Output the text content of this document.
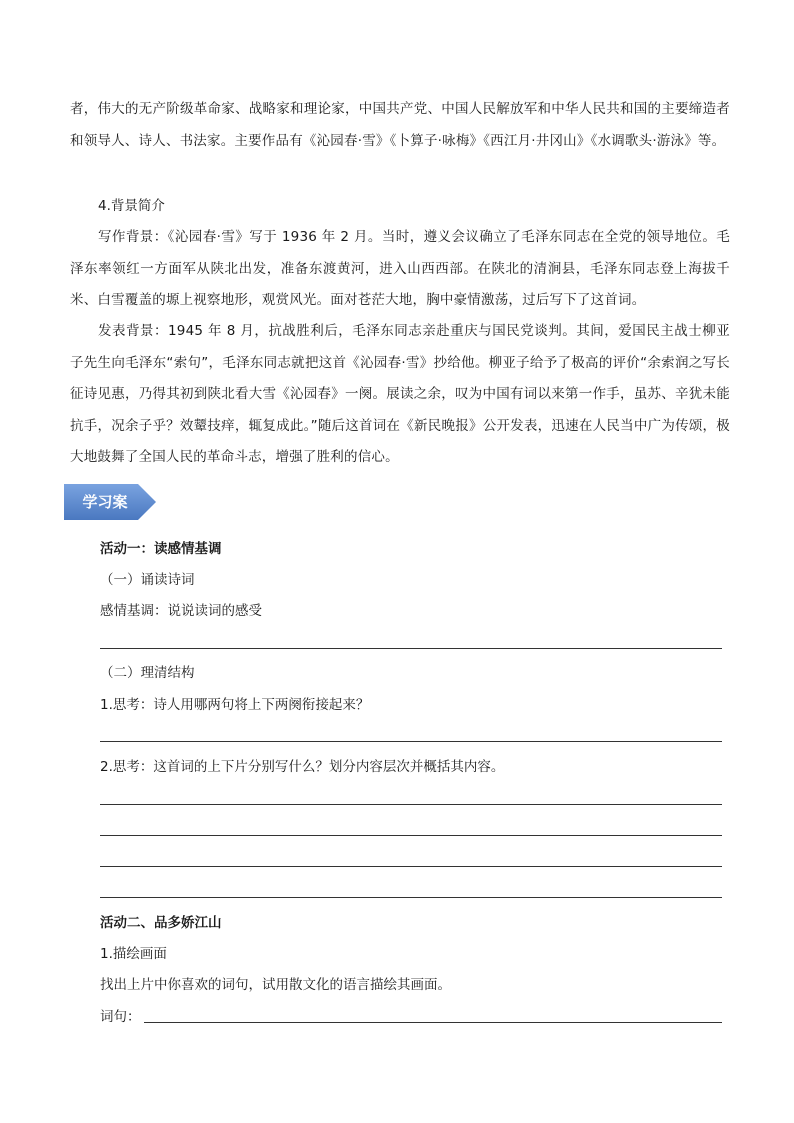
者，伟大的无产阶级革命家、战略家和理论家，中国共产党、中国人民解放军和中华人民共和国的主要缔造者和领导人、诗人、书法家。主要作品有《沁园春·雪》《卜算子·咏梅》《西江月·井冈山》《水调歌头·游泳》等。

4.背景简介

写作背景：《沁园春·雪》写于 1936 年 2 月。当时，遵义会议确立了毛泽东同志在全党的领导地位。毛泽东率领红一方面军从陕北出发，准备东渡黄河，进入山西西部。在陕北的清涧县，毛泽东同志登上海拔千米、白雪覆盖的塬上视察地形，观赏风光。面对苍茫大地，胸中豪情激荡，过后写下了这首词。

发表背景：1945 年 8 月，抗战胜利后，毛泽东同志亲赴重庆与国民党谈判。其间，爱国民主战士柳亚子先生向毛泽东“索句”，毛泽东同志就把这首《沁园春·雪》抄给他。柳亚子给予了极高的评价“余索润之写长征诗见惠，乃得其初到陕北看大雪《沁园春》一阕。展读之余，叹为中国有词以来第一作手，虽苏、辛犹未能抗手，况余子乎？效颦技痒，辄复成此。”随后这首词在《新民晚报》公开发表，迅速在人民当中广为传颂，极大地鼓舞了全国人民的革命斗志，增强了胜利的信心。

学习案
活动一：读感情基调
（一）诵读诗词
感情基调：说说读词的感受
（二）理清结构
1.思考：诗人用哪两句将上下两阕衔接起来？
2.思考：这首词的上下片分别写什么？划分内容层次并概括其内容。
活动二、品多娇江山
1.描绘画面
找出上片中你喜欢的词句，试用散文化的语言描绘其画面。
词句：
